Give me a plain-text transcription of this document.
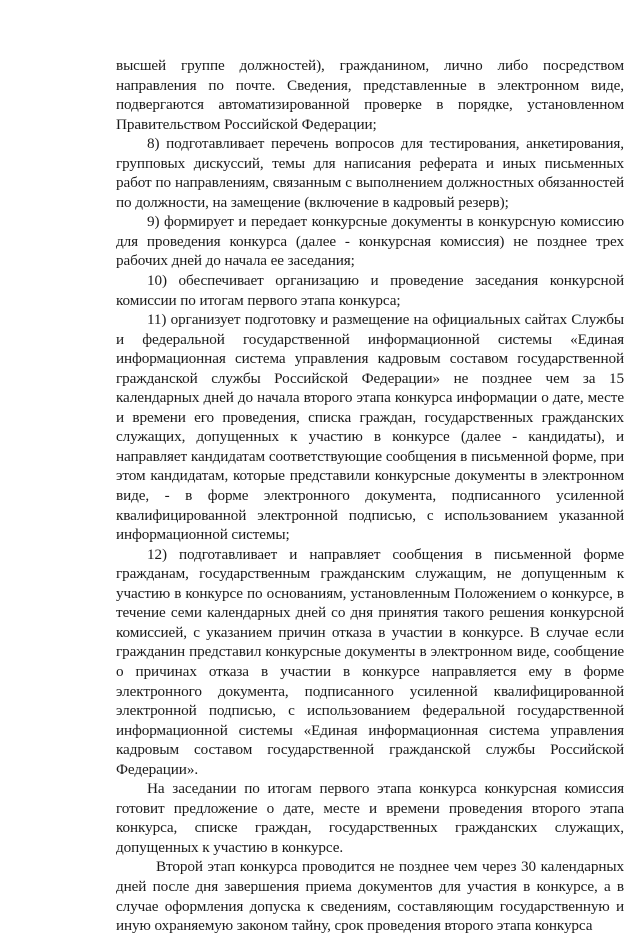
высшей группе должностей), гражданином, лично либо посредством направления по почте. Сведения, представленные в электронном виде, подвергаются автоматизированной проверке в порядке, установленном Правительством Российской Федерации;

8) подготавливает перечень вопросов для тестирования, анкетирования, групповых дискуссий, темы для написания реферата и иных письменных работ по направлениям, связанным с выполнением должностных обязанностей по должности, на замещение (включение в кадровый резерв);

9) формирует и передает конкурсные документы в конкурсную комиссию для проведения конкурса (далее - конкурсная комиссия) не позднее трех рабочих дней до начала ее заседания;

10) обеспечивает организацию и проведение заседания конкурсной комиссии по итогам первого этапа конкурса;

11) организует подготовку и размещение на официальных сайтах Службы и федеральной государственной информационной системы «Единая информационная система управления кадровым составом государственной гражданской службы Российской Федерации» не позднее чем за 15 календарных дней до начала второго этапа конкурса информации о дате, месте и времени его проведения, списка граждан, государственных гражданских служащих, допущенных к участию в конкурсе (далее - кандидаты), и направляет кандидатам соответствующие сообщения в письменной форме, при этом кандидатам, которые представили конкурсные документы в электронном виде, - в форме электронного документа, подписанного усиленной квалифицированной электронной подписью, с использованием указанной информационной системы;

12) подготавливает и направляет сообщения в письменной форме гражданам, государственным гражданским служащим, не допущенным к участию в конкурсе по основаниям, установленным Положением о конкурсе, в течение семи календарных дней со дня принятия такого решения конкурсной комиссией, с указанием причин отказа в участии в конкурсе. В случае если гражданин представил конкурсные документы в электронном виде, сообщение о причинах отказа в участии в конкурсе направляется ему в форме электронного документа, подписанного усиленной квалифицированной электронной подписью, с использованием федеральной государственной информационной системы «Единая информационная система управления кадровым составом государственной гражданской службы Российской Федерации».

На заседании по итогам первого этапа конкурса конкурсная комиссия готовит предложение о дате, месте и времени проведения второго этапа конкурса, списке граждан, государственных гражданских служащих, допущенных к участию в конкурсе.

Второй этап конкурса проводится не позднее чем через 30 календарных дней после дня завершения приема документов для участия в конкурсе, а в случае оформления допуска к сведениям, составляющим государственную и иную охраняемую законом тайну, срок проведения второго этапа конкурса
